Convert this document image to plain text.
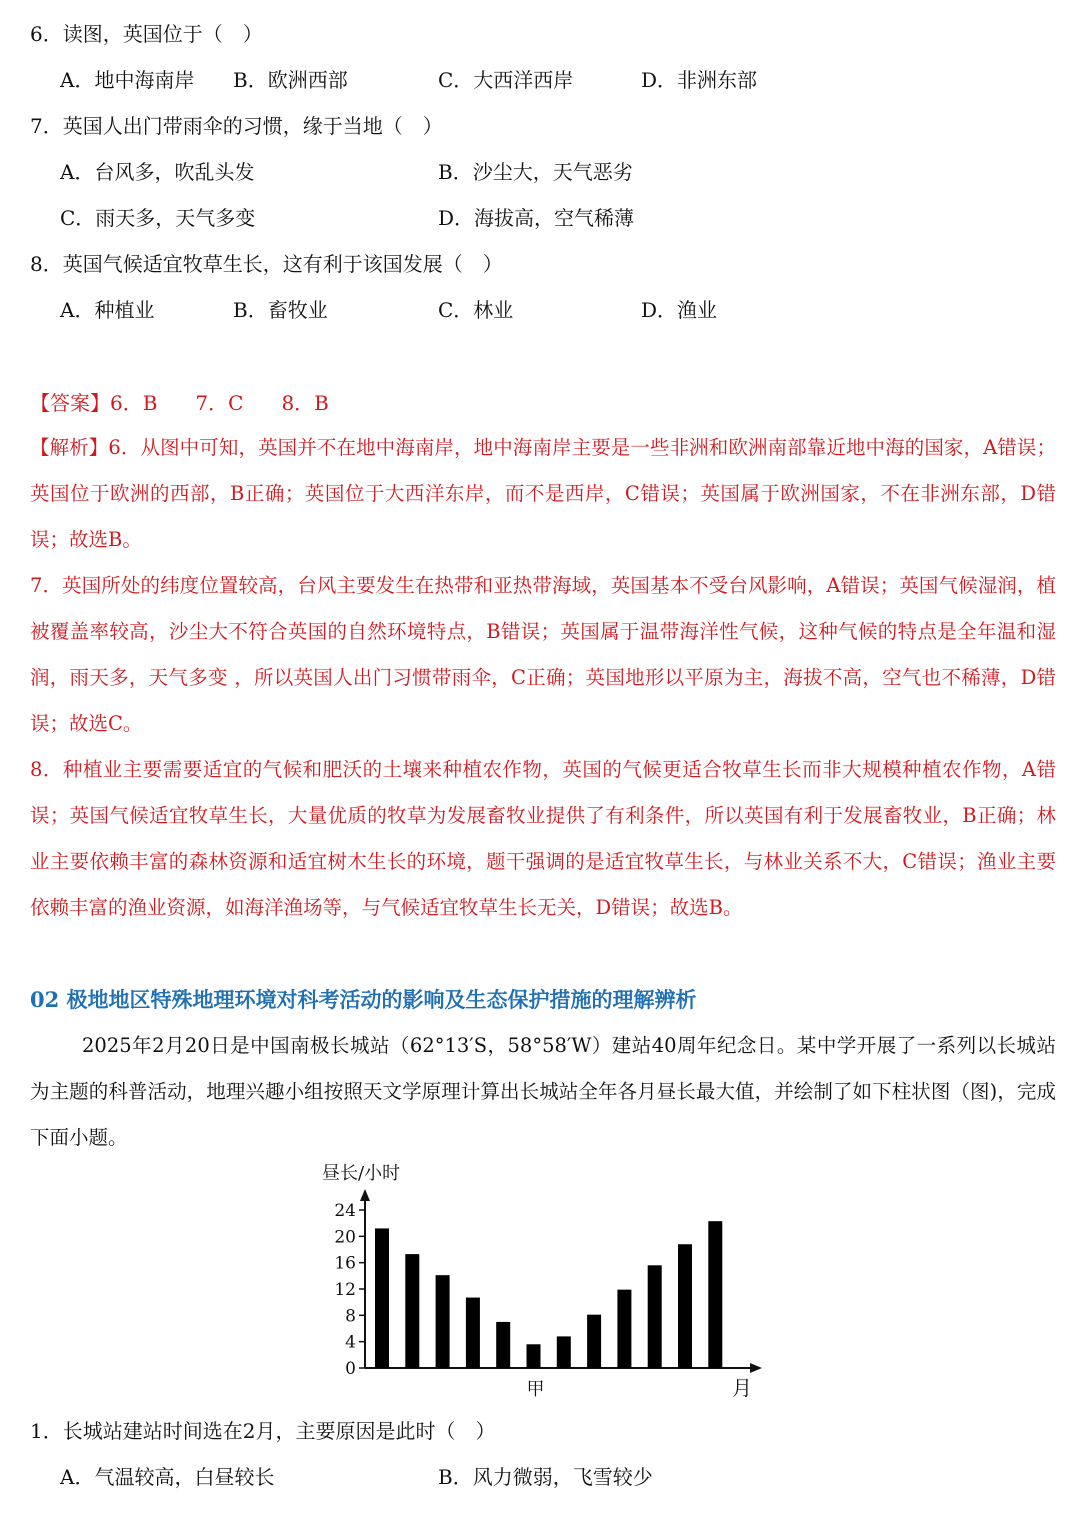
6．读图，英国位于（　）
A．地中海南岸 B．欧洲西部	C．大西洋西岸	D．非洲东部
7．英国人出门带雨伞的习惯，缘于当地（　）
A．台风多，吹乱头发	B．沙尘大，天气恶劣
C．雨天多，天气多变	D．海拔高，空气稀薄
8．英国气候适宜牧草生长，这有利于该国发展（　）
A．种植业	B．畜牧业	C．林业	D．渔业
【答案】6．B 7．C 8．B
【解析】6．从图中可知，英国并不在地中海南岸，地中海南岸主要是一些非洲和欧洲南部靠近地中海的国家，A错误；英国位于欧洲的西部，B正确；英国位于大西洋东岸，而不是西岸，C错误；英国属于欧洲国家，不在非洲东部，D错误；故选B。
7．英国所处的纬度位置较高，台风主要发生在热带和亚热带海域，英国基本不受台风影响，A错误；英国气候湿润，植被覆盖率较高，沙尘大不符合英国的自然环境特点，B错误；英国属于温带海洋性气候，这种气候的特点是全年温和湿润，雨天多，天气多变 ，所以英国人出门习惯带雨伞，C正确；英国地形以平原为主，海拔不高，空气也不稀薄，D错误；故选C。
8．种植业主要需要适宜的气候和肥沃的土壤来种植农作物，英国的气候更适合牧草生长而非大规模种植农作物，A错误；英国气候适宜牧草生长，大量优质的牧草为发展畜牧业提供了有利条件，所以英国有利于发展畜牧业，B正确；林业主要依赖丰富的森林资源和适宜树木生长的环境，题干强调的是适宜牧草生长，与林业关系不大，C错误；渔业主要依赖丰富的渔业资源，如海洋渔场等，与气候适宜牧草生长无关，D错误；故选B。
02 极地地区特殊地理环境对科考活动的影响及生态保护措施的理解辨析
2025年2月20日是中国南极长城站（62°13′S，58°58′W）建站40周年纪念日。某中学开展了一系列以长城站为主题的科普活动，地理兴趣小组按照天文学原理计算出长城站全年各月昼长最大值，并绘制了如下柱状图（图)，完成下面小题。
昼长/小时
0
4
8
12
16
20
24
甲	月
1．长城站建站时间选在2月，主要原因是此时（　）
A．气温较高，白昼较长	B．风力微弱，飞雪较少
